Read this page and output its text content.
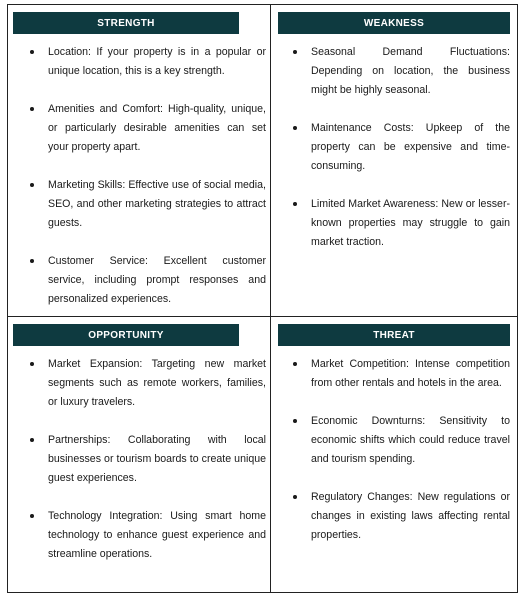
STRENGTH
Location: If your property is in a popular or unique location, this is a key strength.
Amenities and Comfort: High-quality, unique, or particularly desirable amenities can set your property apart.
Marketing Skills: Effective use of social media, SEO, and other marketing strategies to attract guests.
Customer Service: Excellent customer service, including prompt responses and personalized experiences.
WEAKNESS
Seasonal Demand Fluctuations: Depending on location, the business might be highly seasonal.
Maintenance Costs: Upkeep of the property can be expensive and time-consuming.
Limited Market Awareness: New or lesser-known properties may struggle to gain market traction.
OPPORTUNITY
Market Expansion: Targeting new market segments such as remote workers, families, or luxury travelers.
Partnerships: Collaborating with local businesses or tourism boards to create unique guest experiences.
Technology Integration: Using smart home technology to enhance guest experience and streamline operations.
THREAT
Market Competition: Intense competition from other rentals and hotels in the area.
Economic Downturns: Sensitivity to economic shifts which could reduce travel and tourism spending.
Regulatory Changes: New regulations or changes in existing laws affecting rental properties.
